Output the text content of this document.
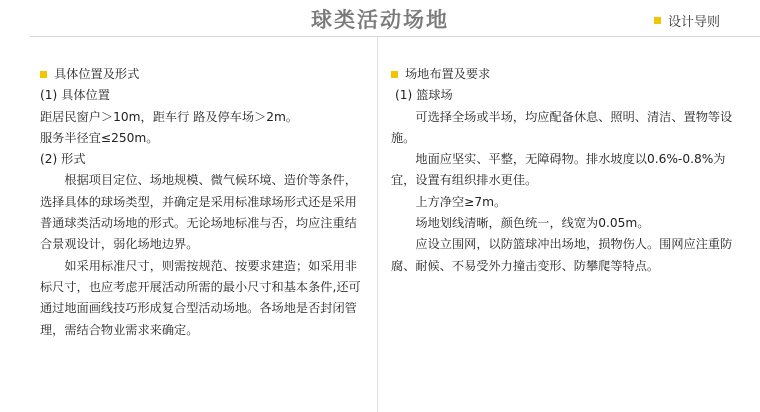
球类活动场地	设计导则
具体位置及形式

(1) 具体位置

距居民窗户＞10m，距车行 路及停车场＞2m。

服务半径宜≤250m。

(2) 形式

根据项目定位、场地规模、微气候环境、造价等条件，选择具体的球场类型，并确定是采用标准球场形式还是采用普通球类活动场地的形式。无论场地标准与否，均应注重结合景观设计，弱化场地边界。

如采用标准尺寸，则需按规范、按要求建造；如采用非标尺寸，也应考虑开展活动所需的最小尺寸和基本条件,还可通过地面画线技巧形成复合型活动场地。各场地是否封闭管理，需结合物业需求来确定。

场地布置及要求

(1) 篮球场

可选择全场或半场，均应配备休息、照明、清洁、置物等设施。

地面应坚实、平整，无障碍物。排水坡度以0.6%-0.8%为宜，设置有组织排水更佳。

上方净空≥7m。

场地划线清晰，颜色统一，线宽为0.05m。

应设立围网，以防篮球冲出场地，损物伤人。围网应注重防腐、耐候、不易受外力撞击变形、防攀爬等特点。
